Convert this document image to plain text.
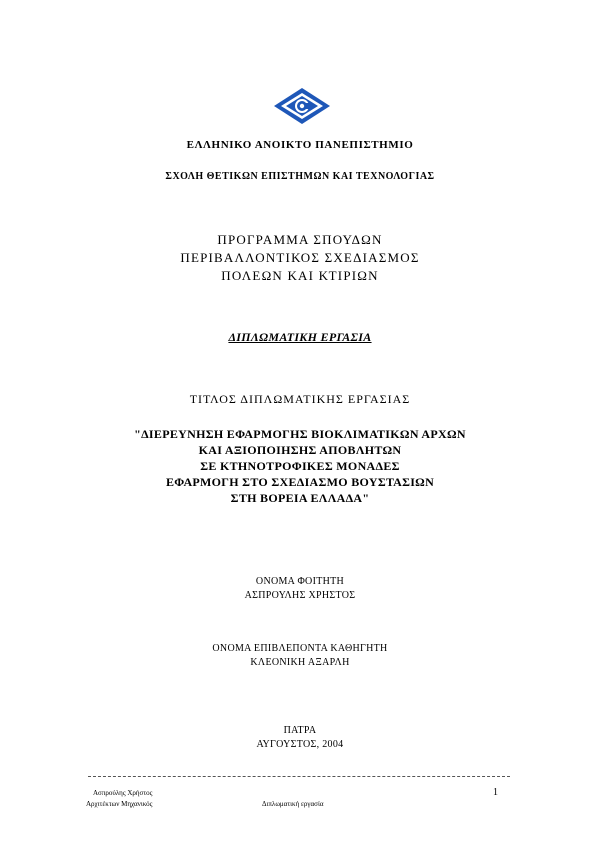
ΕΛΛΗΝΙΚΟ ΑΝΟΙΚΤΟ ΠΑΝΕΠΙΣΤΗΜΙΟ
ΣΧΟΛΗ ΘΕΤΙΚΩΝ ΕΠΙΣΤΗΜΩΝ ΚΑΙ ΤΕΧΝΟΛΟΓΙΑΣ
ΠΡΟΓΡΑΜΜΑ ΣΠΟΥΔΩΝ
ΠΕΡΙΒΑΛΛΟΝΤΙΚΟΣ ΣΧΕΔΙΑΣΜΟΣ
ΠΟΛΕΩΝ ΚΑΙ ΚΤΙΡΙΩΝ
ΔΙΠΛΩΜΑΤΙΚΗ ΕΡΓΑΣΙΑ
ΤΙΤΛΟΣ ΔΙΠΛΩΜΑΤΙΚΗΣ ΕΡΓΑΣΙΑΣ
"ΔΙΕΡΕΥΝΗΣΗ ΕΦΑΡΜΟΓΗΣ ΒΙΟΚΛΙΜΑΤΙΚΩΝ ΑΡΧΩΝ
ΚΑΙ ΑΞΙΟΠΟΙΗΣΗΣ ΑΠΟΒΛΗΤΩΝ
ΣΕ ΚΤΗΝΟΤΡΟΦΙΚΕΣ ΜΟΝΑΔΕΣ
ΕΦΑΡΜΟΓΗ ΣΤΟ ΣΧΕΔΙΑΣΜΟ ΒΟΥΣΤΑΣΙΩΝ
ΣΤΗ ΒΟΡΕΙΑ ΕΛΛΑΔΑ"
ΟΝΟΜΑ ΦΟΙΤΗΤΗ
ΑΣΠΡΟΥΛΗΣ ΧΡΗΣΤΟΣ
ΟΝΟΜΑ ΕΠΙΒΛΕΠΟΝΤΑ ΚΑΘΗΓΗΤΗ
ΚΛΕΟΝΙΚΗ ΑΞΑΡΛΗ
ΠΑΤΡΑ
ΑΥΓΟΥΣΤΟΣ, 2004
Ασπρούλης Χρήστος
Αρχιτέκτων Μηχανικός	Διπλωματική εργασία
1
